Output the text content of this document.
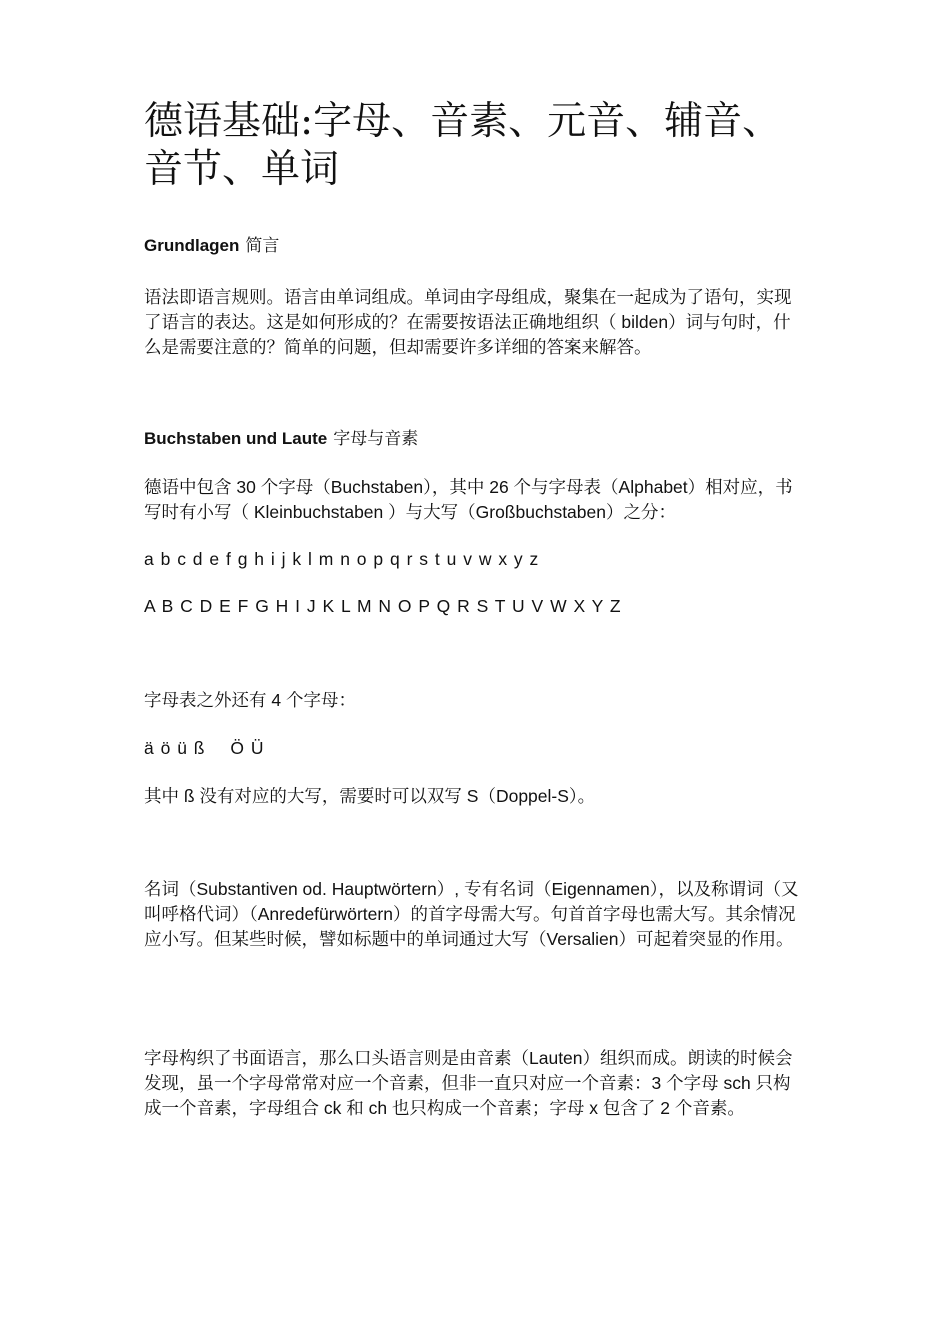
德语基础:字母、音素、元音、辅音、音节、单词
Grundlagen 简言

语法即语言规则。语言由单词组成。单词由字母组成，聚集在一起成为了语句，实现了语言的表达。这是如何形成的？在需要按语法正确地组织（ bilden）词与句时，什么是需要注意的？简单的问题，但却需要许多详细的答案来解答。

Buchstaben und Laute 字母与音素

德语中包含 30 个字母（Buchstaben），其中 26 个与字母表（Alphabet）相对应，书写时有小写（ Kleinbuchstaben ）与大写（Großbuchstaben）之分：

a b c d e f g h i j k l m n o p q r s t u v w x y z

A B C D E F G H I J K L M N O P Q R S T U V W X Y Z

字母表之外还有 4 个字母：

ä ö ü ß    Ö Ü

其中 ß 没有对应的大写，需要时可以双写 S（Doppel-S）。

名词（Substantiven od. Hauptwörtern）, 专有名词（Eigennamen），以及称谓词（又叫呼格代词）（Anredefürwörtern）的首字母需大写。句首首字母也需大写。其余情况应小写。但某些时候，譬如标题中的单词通过大写（Versalien）可起着突显的作用。

字母构织了书面语言，那么口头语言则是由音素（Lauten）组织而成。朗读的时候会发现，虽一个字母常常对应一个音素，但非一直只对应一个音素：3 个字母 sch 只构成一个音素，字母组合 ck 和 ch 也只构成一个音素；字母 x 包含了 2 个音素。
